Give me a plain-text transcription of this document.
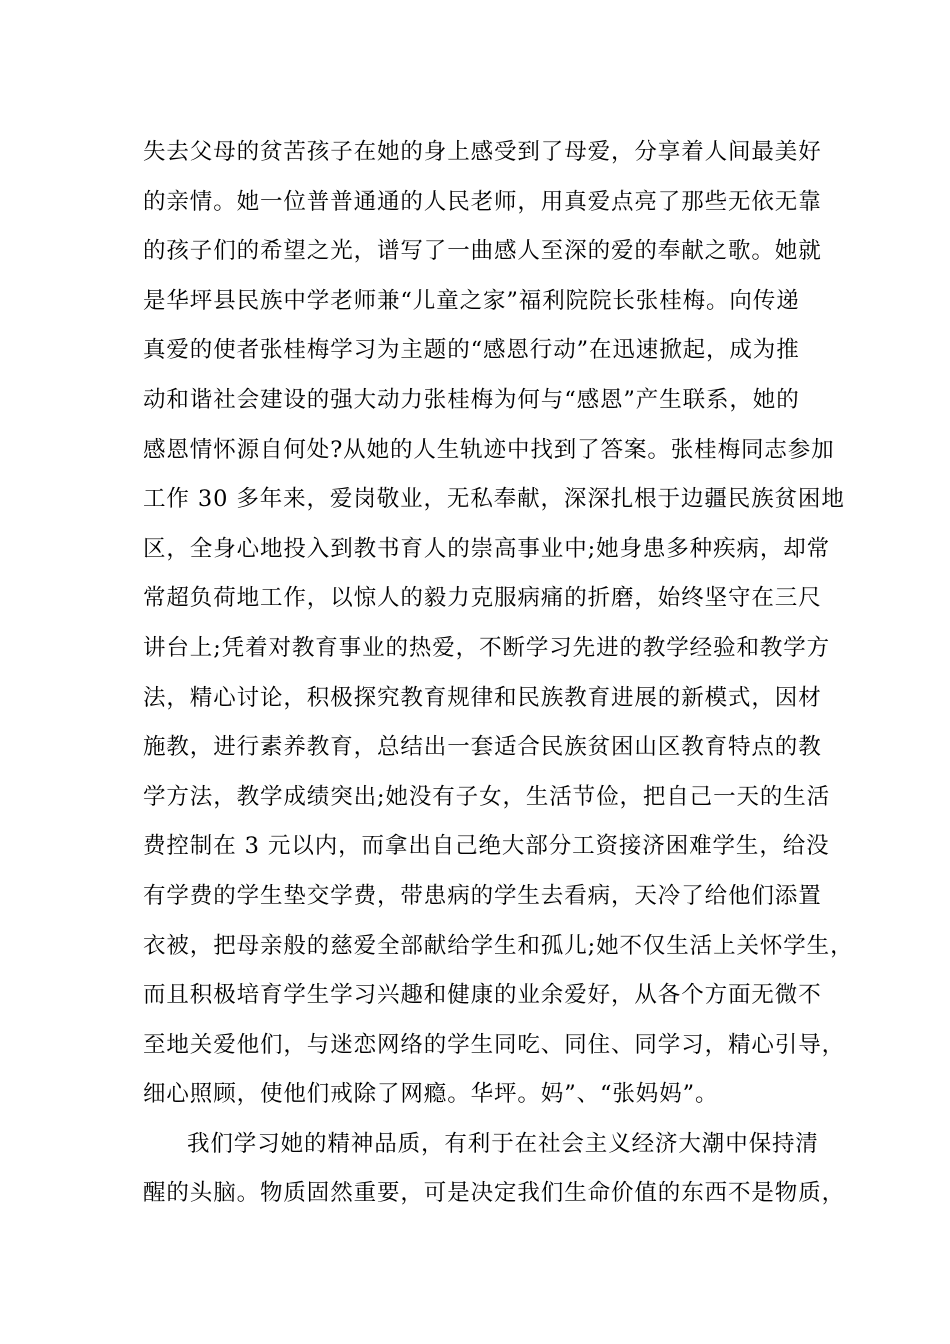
失去父母的贫苦孩子在她的身上感受到了母爱，分享着人间最美好
的亲情。她一位普普通通的人民老师，用真爱点亮了那些无依无靠
的孩子们的希望之光，谱写了一曲感人至深的爱的奉献之歌。她就
是华坪县民族中学老师兼“儿童之家”福利院院长张桂梅。向传递
真爱的使者张桂梅学习为主题的“感恩行动”在迅速掀起，成为推
动和谐社会建设的强大动力张桂梅为何与“感恩”产生联系，她的
感恩情怀源自何处?从她的人生轨迹中找到了答案。张桂梅同志参加
工作 30 多年来，爱岗敬业，无私奉献，深深扎根于边疆民族贫困地
区，全身心地投入到教书育人的崇高事业中;她身患多种疾病，却常
常超负荷地工作，以惊人的毅力克服病痛的折磨，始终坚守在三尺
讲台上;凭着对教育事业的热爱，不断学习先进的教学经验和教学方
法，精心讨论，积极探究教育规律和民族教育进展的新模式，因材
施教，进行素养教育，总结出一套适合民族贫困山区教育特点的教
学方法，教学成绩突出;她没有子女，生活节俭，把自己一天的生活
费控制在 3 元以内，而拿出自己绝大部分工资接济困难学生，给没
有学费的学生垫交学费，带患病的学生去看病，天冷了给他们添置
衣被，把母亲般的慈爱全部献给学生和孤儿;她不仅生活上关怀学生，
而且积极培育学生学习兴趣和健康的业余爱好，从各个方面无微不
至地关爱他们，与迷恋网络的学生同吃、同住、同学习，精心引导，
细心照顾，使他们戒除了网瘾。华坪。妈”、“张妈妈”。
我们学习她的精神品质，有利于在社会主义经济大潮中保持清
醒的头脑。物质固然重要，可是决定我们生命价值的东西不是物质，
